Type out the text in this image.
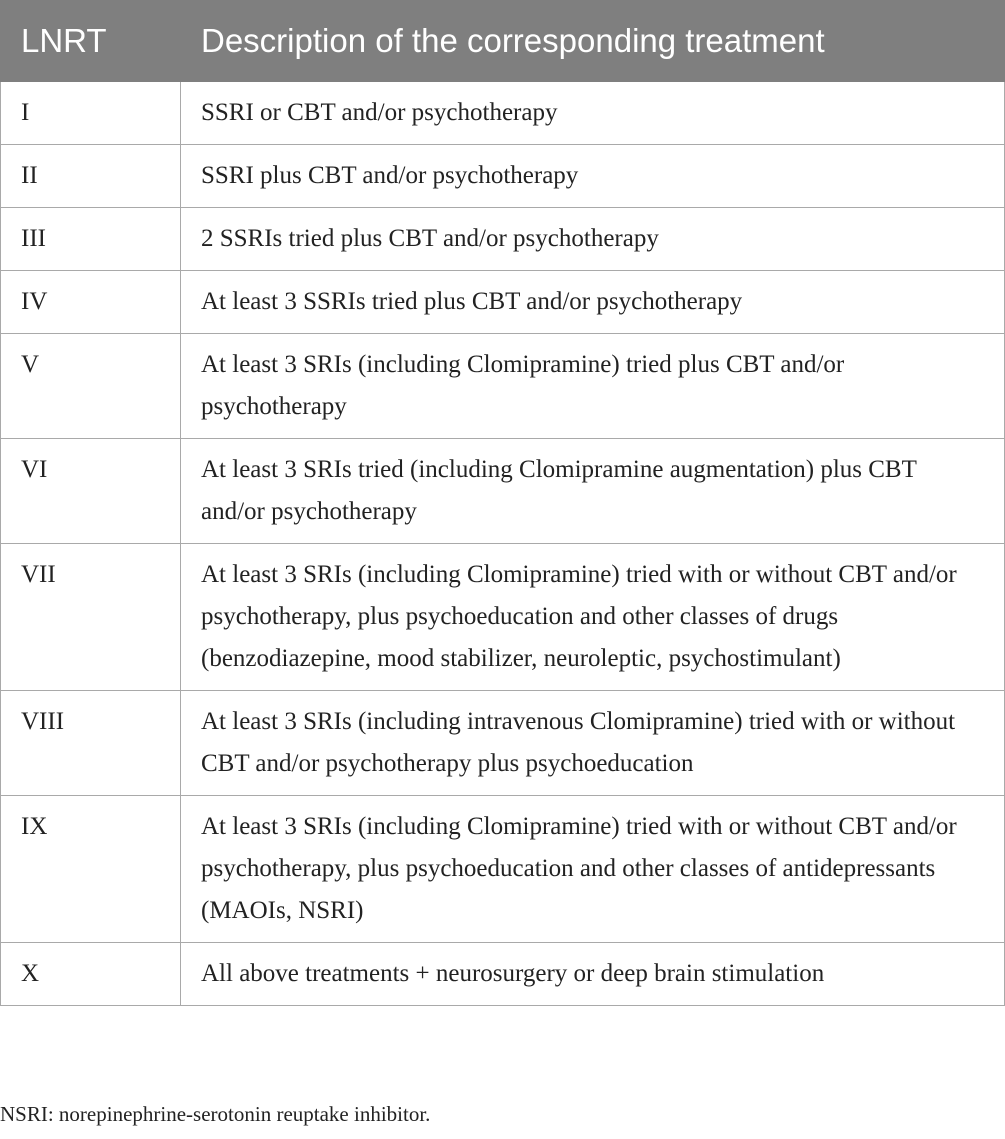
LNRT	Description of the corresponding treatment
I	SSRI or CBT and/or psychotherapy
II	SSRI plus CBT and/or psychotherapy
III	2 SSRIs tried plus CBT and/or psychotherapy
IV	At least 3 SSRIs tried plus CBT and/or psychotherapy
V	At least 3 SRIs (including Clomipramine) tried plus CBT and/or psychotherapy
VI	At least 3 SRIs tried (including Clomipramine augmentation) plus CBT and/or psychotherapy
VII	At least 3 SRIs (including Clomipramine) tried with or without CBT and/or psychotherapy, plus psychoeducation and other classes of drugs (benzodiazepine, mood stabilizer, neuroleptic, psychostimulant)
VIII	At least 3 SRIs (including intravenous Clomipramine) tried with or without CBT and/or psychotherapy plus psychoeducation
IX	At least 3 SRIs (including Clomipramine) tried with or without CBT and/or psychotherapy, plus psychoeducation and other classes of antidepressants (MAOIs, NSRI)
X	All above treatments + neurosurgery or deep brain stimulation
NSRI: norepinephrine-serotonin reuptake inhibitor.
